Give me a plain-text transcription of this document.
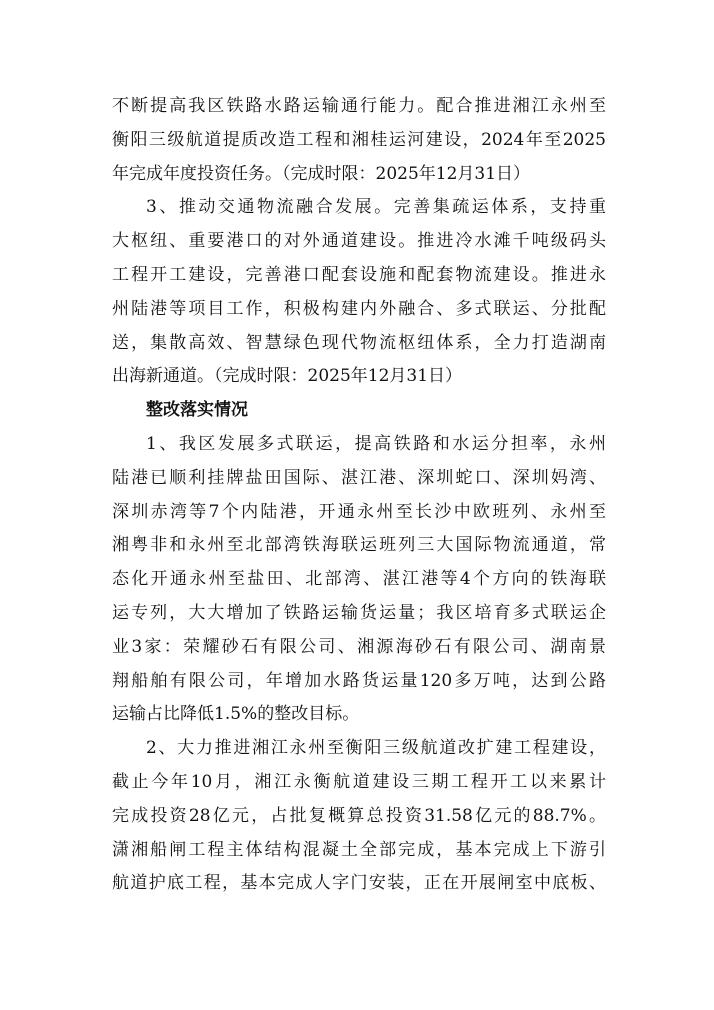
不断提高我区铁路水路运输通行能力。配合推进湘江永州至
衡阳三级航道提质改造工程和湘桂运河建设，2024年至2025
年完成年度投资任务。（完成时限：2025年12月31日）
3、推动交通物流融合发展。完善集疏运体系，支持重
大枢纽、重要港口的对外通道建设。推进冷水滩千吨级码头
工程开工建设，完善港口配套设施和配套物流建设。推进永
州陆港等项目工作，积极构建内外融合、多式联运、分批配
送，集散高效、智慧绿色现代物流枢纽体系，全力打造湖南
出海新通道。（完成时限：2025年12月31日）
整改落实情况
1、我区发展多式联运，提高铁路和水运分担率，永州
陆港已顺利挂牌盐田国际、湛江港、深圳蛇口、深圳妈湾、
深圳赤湾等7个内陆港，开通永州至长沙中欧班列、永州至
湘粤非和永州至北部湾铁海联运班列三大国际物流通道，常
态化开通永州至盐田、北部湾、湛江港等4个方向的铁海联
运专列，大大增加了铁路运输货运量；我区培育多式联运企
业3家：荣耀砂石有限公司、湘源海砂石有限公司、湖南景
翔船舶有限公司，年增加水路货运量120多万吨，达到公路
运输占比降低1.5%的整改目标。
2、大力推进湘江永州至衡阳三级航道改扩建工程建设，
截止今年10月，湘江永衡航道建设三期工程开工以来累计
完成投资28亿元，占批复概算总投资31.58亿元的88.7%。
潇湘船闸工程主体结构混凝土全部完成，基本完成上下游引
航道护底工程，基本完成人字门安装，正在开展闸室中底板、
